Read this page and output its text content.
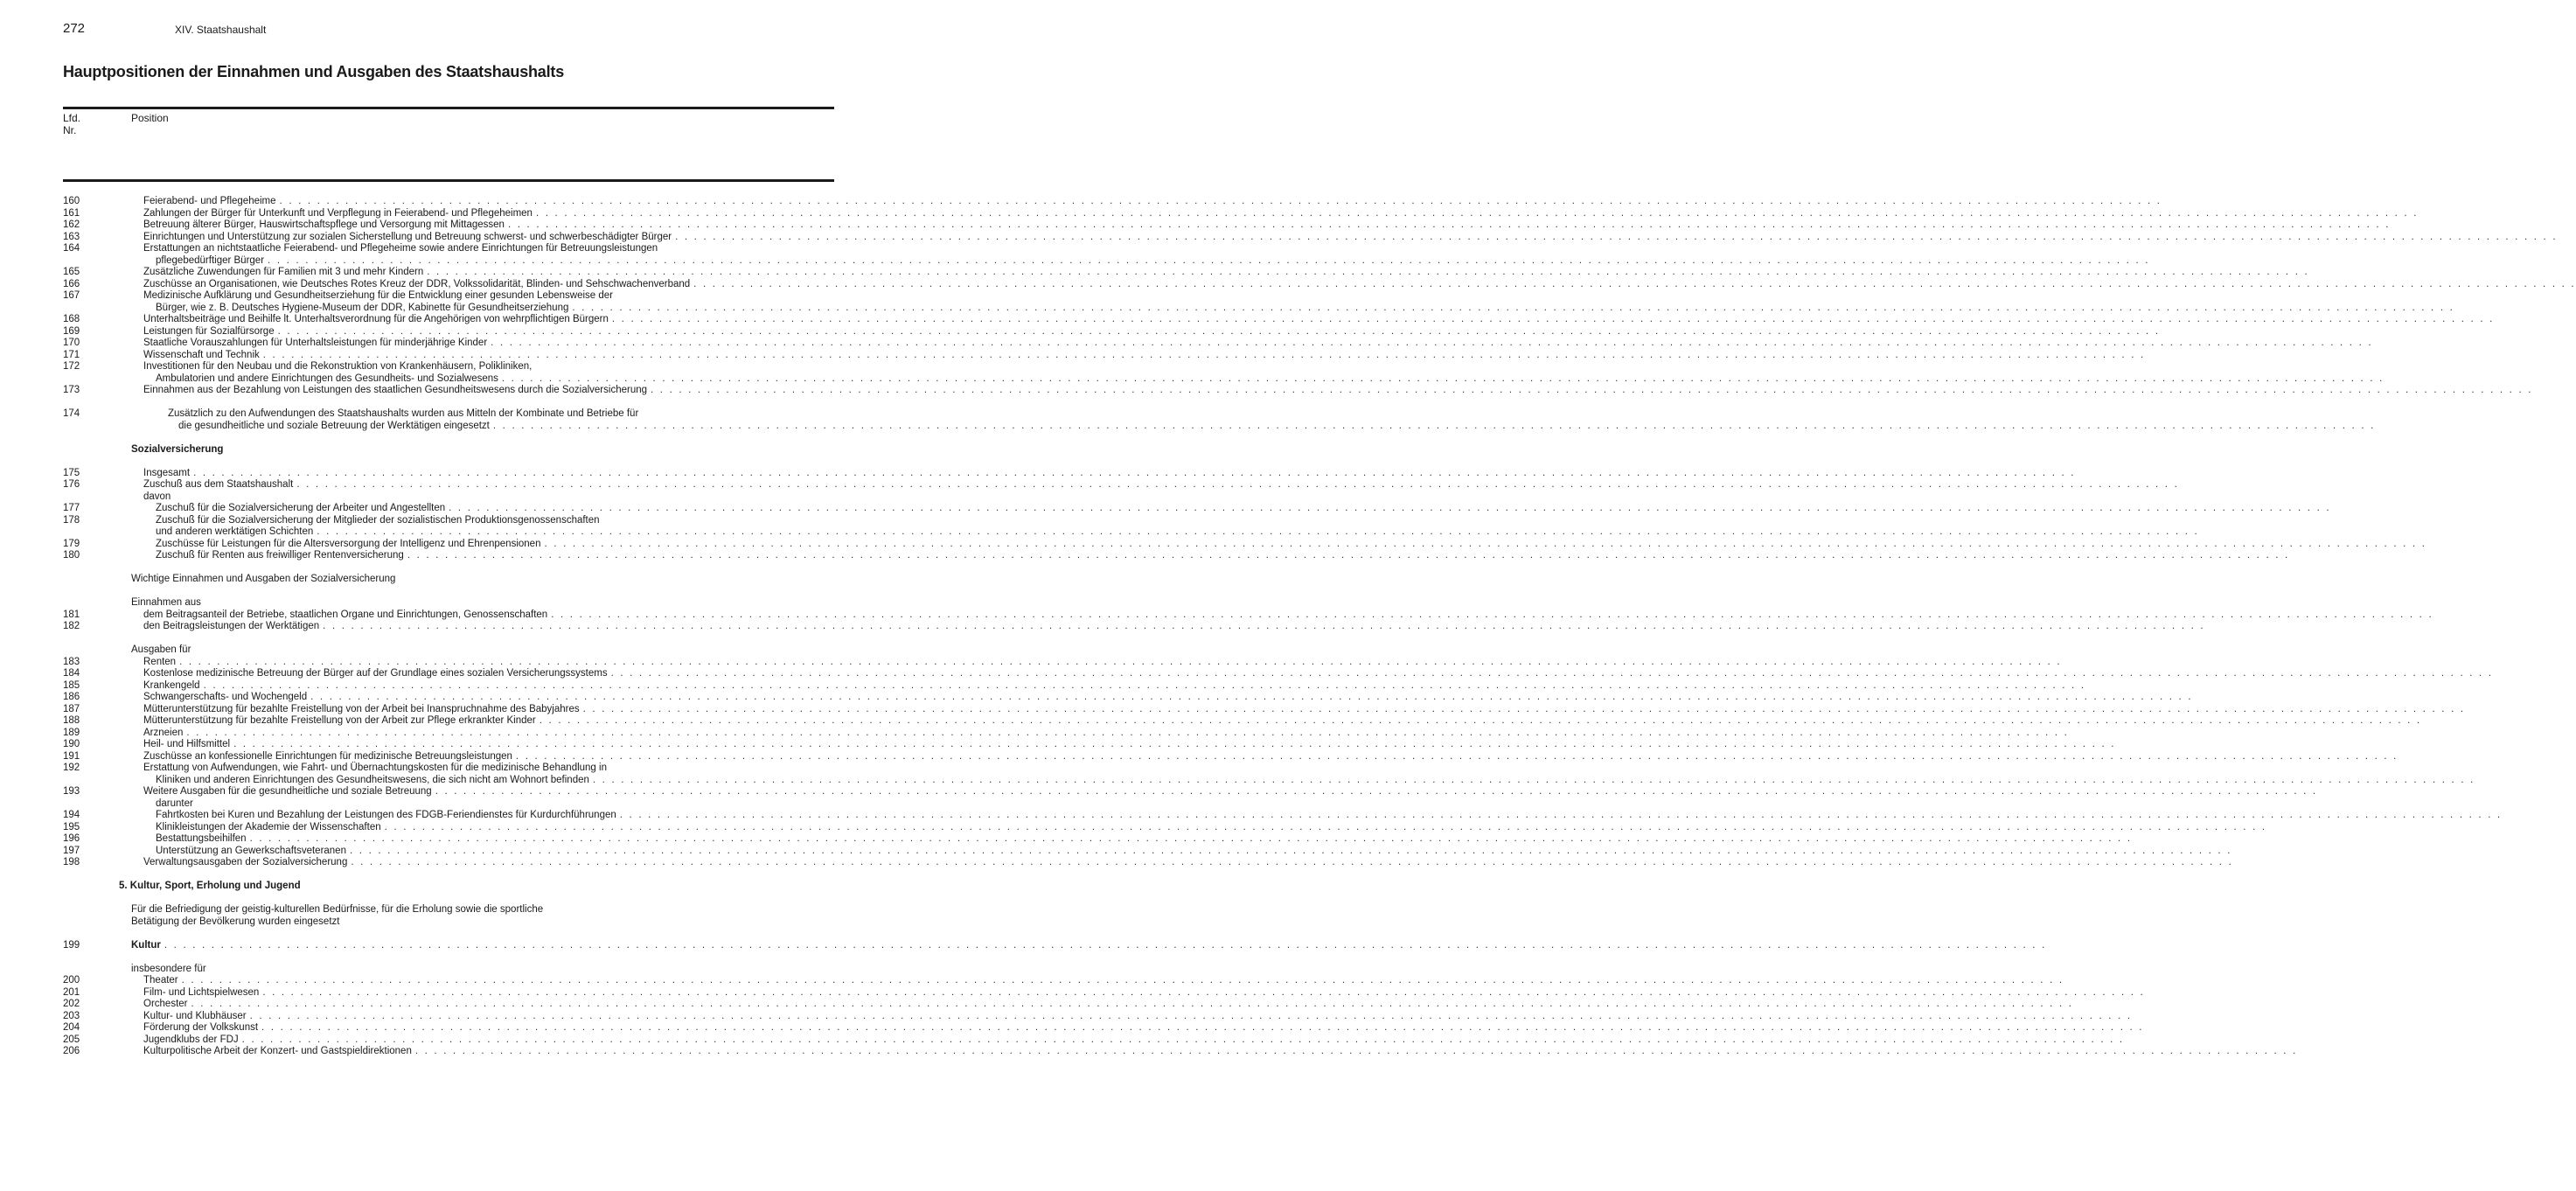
272	XIV. Staatshaushalt
Hauptpositionen der Einnahmen und Ausgaben des Staatshaushalts
Lfd.
Nr.
Position
160	Feierabend- und Pflegeheime . . . . . . . . . . . . . . . . . . . . . . . . . . . . . . . . . . . . . . . . . . . . . . . . . . . . . . . . . . . . . . . . . . . . . . . . . . . . . . . . . . . . . . . . . . . . . . . . . . . . . . . . . . . . . . . . . . . . . . . . . . . . . . . . . . . . . . . . . . . . . . . . . . . . . . . . . . . . . . . . . . . . . . . . . . . . . . . . . . . . . . . . . . . . . . . . . . . . . . . .
161	Zahlungen der Bürger für Unterkunft und Verpflegung in Feierabend- und Pflegeheimen . . . . . . . . . . . . . . . . . . . . . . . . . . . . . . . . . . . . . . . . . . . . . . . . . . . . . . . . . . . . . . . . . . . . . . . . . . . . . . . . . . . . . . . . . . . . . . . . . . . . . . . . . . . . . . . . . . . . . . . . . . . . . . . . . . . . . . . . . . . . . . . . . . . . . . . . . . . . . . . . . . . . . . . . . . . . . . . . . . . . . . . . . . . . . . . . . . . . . . . .
162	Betreuung älterer Bürger, Hauswirtschaftspflege und Versorgung mit Mittagessen . . . . . . . . . . . . . . . . . . . . . . . . . . . . . . . . . . . . . . . . . . . . . . . . . . . . . . . . . . . . . . . . . . . . . . . . . . . . . . . . . . . . . . . . . . . . . . . . . . . . . . . . . . . . . . . . . . . . . . . . . . . . . . . . . . . . . . . . . . . . . . . . . . . . . . . . . . . . . . . . . . . . . . . . . . . . . . . . . . . . . . . . . . . . . . . . . . . . . . . .
163	Einrichtungen und Unterstützung zur sozialen Sicherstellung und Betreuung schwerst- und schwerbeschädigter Bürger . . . . . . . . . . . . . . . . . . . . . . . . . . . . . . . . . . . . . . . . . . . . . . . . . . . . . . . . . . . . . . . . . . . . . . . . . . . . . . . . . . . . . . . . . . . . . . . . . . . . . . . . . . . . . . . . . . . . . . . . . . . . . . . . . . . . . . . . . . . . . . . . . . . . . . . . . . . . . . . . . . . . . . . . . . . . . . . . . . . . . . . . . . . . . . . . . . . . . . . .
164	Erstattungen an nichtstaatliche Feierabend- und Pflegeheime sowie andere Einrichtungen für Betreuungsleistungen
pflegebedürftiger Bürger . . . . . . . . . . . . . . . . . . . . . . . . . . . . . . . . . . . . . . . . . . . . . . . . . . . . . . . . . . . . . . . . . . . . . . . . . . . . . . . . . . . . . . . . . . . . . . . . . . . . . . . . . . . . . . . . . . . . . . . . . . . . . . . . . . . . . . . . . . . . . . . . . . . . . . . . . . . . . . . . . . . . . . . . . . . . . . . . . . . . . . . . . . . . . . . . . . . . . . . .
165	Zusätzliche Zuwendungen für Familien mit 3 und mehr Kindern . . . . . . . . . . . . . . . . . . . . . . . . . . . . . . . . . . . . . . . . . . . . . . . . . . . . . . . . . . . . . . . . . . . . . . . . . . . . . . . . . . . . . . . . . . . . . . . . . . . . . . . . . . . . . . . . . . . . . . . . . . . . . . . . . . . . . . . . . . . . . . . . . . . . . . . . . . . . . . . . . . . . . . . . . . . . . . . . . . . . . . . . . . . . . . . . . . . . . . . .
166	Zuschüsse an Organisationen, wie Deutsches Rotes Kreuz der DDR, Volkssolidarität, Blinden- und Sehschwachenverband . . . . . . . . . . . . . . . . . . . . . . . . . . . . . . . . . . . . . . . . . . . . . . . . . . . . . . . . . . . . . . . . . . . . . . . . . . . . . . . . . . . . . . . . . . . . . . . . . . . . . . . . . . . . . . . . . . . . . . . . . . . . . . . . . . . . . . . . . . . . . . . . . . . . . . . . . . . . . . . . . . . . . . . . . . . . . . . . . . . . . . . . . . . . . . . . . . . . . . . .
167	Medizinische Aufklärung und Gesundheitserziehung für die Entwicklung einer gesunden Lebensweise der
Bürger, wie z. B. Deutsches Hygiene-Museum der DDR, Kabinette für Gesundheitserziehung . . . . . . . . . . . . . . . . . . . . . . . . . . . . . . . . . . . . . . . . . . . . . . . . . . . . . . . . . . . . . . . . . . . . . . . . . . . . . . . . . . . . . . . . . . . . . . . . . . . . . . . . . . . . . . . . . . . . . . . . . . . . . . . . . . . . . . . . . . . . . . . . . . . . . . . . . . . . . . . . . . . . . . . . . . . . . . . . . . . . . . . . . . . . . . . . . . . . . . . .
168	Unterhaltsbeiträge und Beihilfe lt. Unterhaltsverordnung für die Angehörigen von wehrpflichtigen Bürgern . . . . . . . . . . . . . . . . . . . . . . . . . . . . . . . . . . . . . . . . . . . . . . . . . . . . . . . . . . . . . . . . . . . . . . . . . . . . . . . . . . . . . . . . . . . . . . . . . . . . . . . . . . . . . . . . . . . . . . . . . . . . . . . . . . . . . . . . . . . . . . . . . . . . . . . . . . . . . . . . . . . . . . . . . . . . . . . . . . . . . . . . . . . . . . . . . . . . . . . .
169	Leistungen für Sozialfürsorge . . . . . . . . . . . . . . . . . . . . . . . . . . . . . . . . . . . . . . . . . . . . . . . . . . . . . . . . . . . . . . . . . . . . . . . . . . . . . . . . . . . . . . . . . . . . . . . . . . . . . . . . . . . . . . . . . . . . . . . . . . . . . . . . . . . . . . . . . . . . . . . . . . . . . . . . . . . . . . . . . . . . . . . . . . . . . . . . . . . . . . . . . . . . . . . . . . . . . . . .
170	Staatliche Vorauszahlungen für Unterhaltsleistungen für minderjährige Kinder . . . . . . . . . . . . . . . . . . . . . . . . . . . . . . . . . . . . . . . . . . . . . . . . . . . . . . . . . . . . . . . . . . . . . . . . . . . . . . . . . . . . . . . . . . . . . . . . . . . . . . . . . . . . . . . . . . . . . . . . . . . . . . . . . . . . . . . . . . . . . . . . . . . . . . . . . . . . . . . . . . . . . . . . . . . . . . . . . . . . . . . . . . . . . . . . . . . . . . . .
171	Wissenschaft und Technik . . . . . . . . . . . . . . . . . . . . . . . . . . . . . . . . . . . . . . . . . . . . . . . . . . . . . . . . . . . . . . . . . . . . . . . . . . . . . . . . . . . . . . . . . . . . . . . . . . . . . . . . . . . . . . . . . . . . . . . . . . . . . . . . . . . . . . . . . . . . . . . . . . . . . . . . . . . . . . . . . . . . . . . . . . . . . . . . . . . . . . . . . . . . . . . . . . . . . . . .
172	Investitionen für den Neubau und die Rekonstruktion von Krankenhäusern, Polikliniken,
Ambulatorien und andere Einrichtungen des Gesundheits- und Sozialwesens . . . . . . . . . . . . . . . . . . . . . . . . . . . . . . . . . . . . . . . . . . . . . . . . . . . . . . . . . . . . . . . . . . . . . . . . . . . . . . . . . . . . . . . . . . . . . . . . . . . . . . . . . . . . . . . . . . . . . . . . . . . . . . . . . . . . . . . . . . . . . . . . . . . . . . . . . . . . . . . . . . . . . . . . . . . . . . . . . . . . . . . . . . . . . . . . . . . . . . . .
173	Einnahmen aus der Bezahlung von Leistungen des staatlichen Gesundheitswesens durch die Sozialversicherung . . . . . . . . . . . . . . . . . . . . . . . . . . . . . . . . . . . . . . . . . . . . . . . . . . . . . . . . . . . . . . . . . . . . . . . . . . . . . . . . . . . . . . . . . . . . . . . . . . . . . . . . . . . . . . . . . . . . . . . . . . . . . . . . . . . . . . . . . . . . . . . . . . . . . . . . . . . . . . . . . . . . . . . . . . . . . . . . . . . . . . . . . . . . . . . . . . . . . . . .
174	Zusätzlich zu den Aufwendungen des Staatshaushalts wurden aus Mitteln der Kombinate und Betriebe für
die gesundheitliche und soziale Betreuung der Werktätigen eingesetzt . . . . . . . . . . . . . . . . . . . . . . . . . . . . . . . . . . . . . . . . . . . . . . . . . . . . . . . . . . . . . . . . . . . . . . . . . . . . . . . . . . . . . . . . . . . . . . . . . . . . . . . . . . . . . . . . . . . . . . . . . . . . . . . . . . . . . . . . . . . . . . . . . . . . . . . . . . . . . . . . . . . . . . . . . . . . . . . . . . . . . . . . . . . . . . . . . . . . . . . .
Sozialversicherung
175	Insgesamt . . . . . . . . . . . . . . . . . . . . . . . . . . . . . . . . . . . . . . . . . . . . . . . . . . . . . . . . . . . . . . . . . . . . . . . . . . . . . . . . . . . . . . . . . . . . . . . . . . . . . . . . . . . . . . . . . . . . . . . . . . . . . . . . . . . . . . . . . . . . . . . . . . . . . . . . . . . . . . . . . . . . . . . . . . . . . . . . . . . . . . . . . . . . . . . . . . . . . . . .
176	Zuschuß aus dem Staatshaushalt . . . . . . . . . . . . . . . . . . . . . . . . . . . . . . . . . . . . . . . . . . . . . . . . . . . . . . . . . . . . . . . . . . . . . . . . . . . . . . . . . . . . . . . . . . . . . . . . . . . . . . . . . . . . . . . . . . . . . . . . . . . . . . . . . . . . . . . . . . . . . . . . . . . . . . . . . . . . . . . . . . . . . . . . . . . . . . . . . . . . . . . . . . . . . . . . . . . . . . . .
davon
177	Zuschuß für die Sozialversicherung der Arbeiter und Angestellten . . . . . . . . . . . . . . . . . . . . . . . . . . . . . . . . . . . . . . . . . . . . . . . . . . . . . . . . . . . . . . . . . . . . . . . . . . . . . . . . . . . . . . . . . . . . . . . . . . . . . . . . . . . . . . . . . . . . . . . . . . . . . . . . . . . . . . . . . . . . . . . . . . . . . . . . . . . . . . . . . . . . . . . . . . . . . . . . . . . . . . . . . . . . . . . . . . . . . . . .
178	Zuschuß für die Sozialversicherung der Mitglieder der sozialistischen Produktionsgenossenschaften
und anderen werktätigen Schichten . . . . . . . . . . . . . . . . . . . . . . . . . . . . . . . . . . . . . . . . . . . . . . . . . . . . . . . . . . . . . . . . . . . . . . . . . . . . . . . . . . . . . . . . . . . . . . . . . . . . . . . . . . . . . . . . . . . . . . . . . . . . . . . . . . . . . . . . . . . . . . . . . . . . . . . . . . . . . . . . . . . . . . . . . . . . . . . . . . . . . . . . . . . . . . . . . . . . . . . .
179	Zuschüsse für Leistungen für die Altersversorgung der Intelligenz und Ehrenpensionen . . . . . . . . . . . . . . . . . . . . . . . . . . . . . . . . . . . . . . . . . . . . . . . . . . . . . . . . . . . . . . . . . . . . . . . . . . . . . . . . . . . . . . . . . . . . . . . . . . . . . . . . . . . . . . . . . . . . . . . . . . . . . . . . . . . . . . . . . . . . . . . . . . . . . . . . . . . . . . . . . . . . . . . . . . . . . . . . . . . . . . . . . . . . . . . . . . . . . . . .
180	Zuschuß für Renten aus freiwilliger Rentenversicherung . . . . . . . . . . . . . . . . . . . . . . . . . . . . . . . . . . . . . . . . . . . . . . . . . . . . . . . . . . . . . . . . . . . . . . . . . . . . . . . . . . . . . . . . . . . . . . . . . . . . . . . . . . . . . . . . . . . . . . . . . . . . . . . . . . . . . . . . . . . . . . . . . . . . . . . . . . . . . . . . . . . . . . . . . . . . . . . . . . . . . . . . . . . . . . . . . . . . . . . .
Wichtige Einnahmen und Ausgaben der Sozialversicherung
Einnahmen aus
181	dem Beitragsanteil der Betriebe, staatlichen Organe und Einrichtungen, Genossenschaften . . . . . . . . . . . . . . . . . . . . . . . . . . . . . . . . . . . . . . . . . . . . . . . . . . . . . . . . . . . . . . . . . . . . . . . . . . . . . . . . . . . . . . . . . . . . . . . . . . . . . . . . . . . . . . . . . . . . . . . . . . . . . . . . . . . . . . . . . . . . . . . . . . . . . . . . . . . . . . . . . . . . . . . . . . . . . . . . . . . . . . . . . . . . . . . . . . . . . . . .
182	den Beitragsleistungen der Werktätigen . . . . . . . . . . . . . . . . . . . . . . . . . . . . . . . . . . . . . . . . . . . . . . . . . . . . . . . . . . . . . . . . . . . . . . . . . . . . . . . . . . . . . . . . . . . . . . . . . . . . . . . . . . . . . . . . . . . . . . . . . . . . . . . . . . . . . . . . . . . . . . . . . . . . . . . . . . . . . . . . . . . . . . . . . . . . . . . . . . . . . . . . . . . . . . . . . . . . . . . .
Ausgaben für
183	Renten . . . . . . . . . . . . . . . . . . . . . . . . . . . . . . . . . . . . . . . . . . . . . . . . . . . . . . . . . . . . . . . . . . . . . . . . . . . . . . . . . . . . . . . . . . . . . . . . . . . . . . . . . . . . . . . . . . . . . . . . . . . . . . . . . . . . . . . . . . . . . . . . . . . . . . . . . . . . . . . . . . . . . . . . . . . . . . . . . . . . . . . . . . . . . . . . . . . . . . . .
184	Kostenlose medizinische Betreuung der Bürger auf der Grundlage eines sozialen Versicherungssystems . . . . . . . . . . . . . . . . . . . . . . . . . . . . . . . . . . . . . . . . . . . . . . . . . . . . . . . . . . . . . . . . . . . . . . . . . . . . . . . . . . . . . . . . . . . . . . . . . . . . . . . . . . . . . . . . . . . . . . . . . . . . . . . . . . . . . . . . . . . . . . . . . . . . . . . . . . . . . . . . . . . . . . . . . . . . . . . . . . . . . . . . . . . . . . . . . . . . . . . .
185	Krankengeld . . . . . . . . . . . . . . . . . . . . . . . . . . . . . . . . . . . . . . . . . . . . . . . . . . . . . . . . . . . . . . . . . . . . . . . . . . . . . . . . . . . . . . . . . . . . . . . . . . . . . . . . . . . . . . . . . . . . . . . . . . . . . . . . . . . . . . . . . . . . . . . . . . . . . . . . . . . . . . . . . . . . . . . . . . . . . . . . . . . . . . . . . . . . . . . . . . . . . . . .
186	Schwangerschafts- und Wochengeld . . . . . . . . . . . . . . . . . . . . . . . . . . . . . . . . . . . . . . . . . . . . . . . . . . . . . . . . . . . . . . . . . . . . . . . . . . . . . . . . . . . . . . . . . . . . . . . . . . . . . . . . . . . . . . . . . . . . . . . . . . . . . . . . . . . . . . . . . . . . . . . . . . . . . . . . . . . . . . . . . . . . . . . . . . . . . . . . . . . . . . . . . . . . . . . . . . . . . . . .
187	Mütterunterstützung für bezahlte Freistellung von der Arbeit bei Inanspruchnahme des Babyjahres . . . . . . . . . . . . . . . . . . . . . . . . . . . . . . . . . . . . . . . . . . . . . . . . . . . . . . . . . . . . . . . . . . . . . . . . . . . . . . . . . . . . . . . . . . . . . . . . . . . . . . . . . . . . . . . . . . . . . . . . . . . . . . . . . . . . . . . . . . . . . . . . . . . . . . . . . . . . . . . . . . . . . . . . . . . . . . . . . . . . . . . . . . . . . . . . . . . . . . . .
188	Mütterunterstützung für bezahlte Freistellung von der Arbeit zur Pflege erkrankter Kinder . . . . . . . . . . . . . . . . . . . . . . . . . . . . . . . . . . . . . . . . . . . . . . . . . . . . . . . . . . . . . . . . . . . . . . . . . . . . . . . . . . . . . . . . . . . . . . . . . . . . . . . . . . . . . . . . . . . . . . . . . . . . . . . . . . . . . . . . . . . . . . . . . . . . . . . . . . . . . . . . . . . . . . . . . . . . . . . . . . . . . . . . . . . . . . . . . . . . . . . .
189	Arzneien . . . . . . . . . . . . . . . . . . . . . . . . . . . . . . . . . . . . . . . . . . . . . . . . . . . . . . . . . . . . . . . . . . . . . . . . . . . . . . . . . . . . . . . . . . . . . . . . . . . . . . . . . . . . . . . . . . . . . . . . . . . . . . . . . . . . . . . . . . . . . . . . . . . . . . . . . . . . . . . . . . . . . . . . . . . . . . . . . . . . . . . . . . . . . . . . . . . . . . . .
190	Heil- und Hilfsmittel . . . . . . . . . . . . . . . . . . . . . . . . . . . . . . . . . . . . . . . . . . . . . . . . . . . . . . . . . . . . . . . . . . . . . . . . . . . . . . . . . . . . . . . . . . . . . . . . . . . . . . . . . . . . . . . . . . . . . . . . . . . . . . . . . . . . . . . . . . . . . . . . . . . . . . . . . . . . . . . . . . . . . . . . . . . . . . . . . . . . . . . . . . . . . . . . . . . . . . . .
191	Zuschüsse an konfessionelle Einrichtungen für medizinische Betreuungsleistungen . . . . . . . . . . . . . . . . . . . . . . . . . . . . . . . . . . . . . . . . . . . . . . . . . . . . . . . . . . . . . . . . . . . . . . . . . . . . . . . . . . . . . . . . . . . . . . . . . . . . . . . . . . . . . . . . . . . . . . . . . . . . . . . . . . . . . . . . . . . . . . . . . . . . . . . . . . . . . . . . . . . . . . . . . . . . . . . . . . . . . . . . . . . . . . . . . . . . . . . .
192	Erstattung von Aufwendungen, wie Fahrt- und Übernachtungskosten für die medizinische Behandlung in
Kliniken und anderen Einrichtungen des Gesundheitswesens, die sich nicht am Wohnort befinden . . . . . . . . . . . . . . . . . . . . . . . . . . . . . . . . . . . . . . . . . . . . . . . . . . . . . . . . . . . . . . . . . . . . . . . . . . . . . . . . . . . . . . . . . . . . . . . . . . . . . . . . . . . . . . . . . . . . . . . . . . . . . . . . . . . . . . . . . . . . . . . . . . . . . . . . . . . . . . . . . . . . . . . . . . . . . . . . . . . . . . . . . . . . . . . . . . . . . . . .
193	Weitere Ausgaben für die gesundheitliche und soziale Betreuung . . . . . . . . . . . . . . . . . . . . . . . . . . . . . . . . . . . . . . . . . . . . . . . . . . . . . . . . . . . . . . . . . . . . . . . . . . . . . . . . . . . . . . . . . . . . . . . . . . . . . . . . . . . . . . . . . . . . . . . . . . . . . . . . . . . . . . . . . . . . . . . . . . . . . . . . . . . . . . . . . . . . . . . . . . . . . . . . . . . . . . . . . . . . . . . . . . . . . . . .
darunter
194	Fahrtkosten bei Kuren und Bezahlung der Leistungen des FDGB-Feriendienstes für Kurdurchführungen . . . . . . . . . . . . . . . . . . . . . . . . . . . . . . . . . . . . . . . . . . . . . . . . . . . . . . . . . . . . . . . . . . . . . . . . . . . . . . . . . . . . . . . . . . . . . . . . . . . . . . . . . . . . . . . . . . . . . . . . . . . . . . . . . . . . . . . . . . . . . . . . . . . . . . . . . . . . . . . . . . . . . . . . . . . . . . . . . . . . . . . . . . . . . . . . . . . . . . . .
195	Klinikleistungen der Akademie der Wissenschaften . . . . . . . . . . . . . . . . . . . . . . . . . . . . . . . . . . . . . . . . . . . . . . . . . . . . . . . . . . . . . . . . . . . . . . . . . . . . . . . . . . . . . . . . . . . . . . . . . . . . . . . . . . . . . . . . . . . . . . . . . . . . . . . . . . . . . . . . . . . . . . . . . . . . . . . . . . . . . . . . . . . . . . . . . . . . . . . . . . . . . . . . . . . . . . . . . . . . . . . .
196	Bestattungsbeihilfen . . . . . . . . . . . . . . . . . . . . . . . . . . . . . . . . . . . . . . . . . . . . . . . . . . . . . . . . . . . . . . . . . . . . . . . . . . . . . . . . . . . . . . . . . . . . . . . . . . . . . . . . . . . . . . . . . . . . . . . . . . . . . . . . . . . . . . . . . . . . . . . . . . . . . . . . . . . . . . . . . . . . . . . . . . . . . . . . . . . . . . . . . . . . . . . . . . . . . . . .
197	Unterstützung an Gewerkschaftsveteranen . . . . . . . . . . . . . . . . . . . . . . . . . . . . . . . . . . . . . . . . . . . . . . . . . . . . . . . . . . . . . . . . . . . . . . . . . . . . . . . . . . . . . . . . . . . . . . . . . . . . . . . . . . . . . . . . . . . . . . . . . . . . . . . . . . . . . . . . . . . . . . . . . . . . . . . . . . . . . . . . . . . . . . . . . . . . . . . . . . . . . . . . . . . . . . . . . . . . . . . .
198	Verwaltungsausgaben der Sozialversicherung . . . . . . . . . . . . . . . . . . . . . . . . . . . . . . . . . . . . . . . . . . . . . . . . . . . . . . . . . . . . . . . . . . . . . . . . . . . . . . . . . . . . . . . . . . . . . . . . . . . . . . . . . . . . . . . . . . . . . . . . . . . . . . . . . . . . . . . . . . . . . . . . . . . . . . . . . . . . . . . . . . . . . . . . . . . . . . . . . . . . . . . . . . . . . . . . . . . . . . . .
5. Kultur, Sport, Erholung und Jugend
Für die Befriedigung der geistig-kulturellen Bedürfnisse, für die Erholung sowie die sportliche
Betätigung der Bevölkerung wurden eingesetzt
199	Kultur . . . . . . . . . . . . . . . . . . . . . . . . . . . . . . . . . . . . . . . . . . . . . . . . . . . . . . . . . . . . . . . . . . . . . . . . . . . . . . . . . . . . . . . . . . . . . . . . . . . . . . . . . . . . . . . . . . . . . . . . . . . . . . . . . . . . . . . . . . . . . . . . . . . . . . . . . . . . . . . . . . . . . . . . . . . . . . . . . . . . . . . . . . . . . . . . . . . . . . . .
insbesondere für
200	Theater . . . . . . . . . . . . . . . . . . . . . . . . . . . . . . . . . . . . . . . . . . . . . . . . . . . . . . . . . . . . . . . . . . . . . . . . . . . . . . . . . . . . . . . . . . . . . . . . . . . . . . . . . . . . . . . . . . . . . . . . . . . . . . . . . . . . . . . . . . . . . . . . . . . . . . . . . . . . . . . . . . . . . . . . . . . . . . . . . . . . . . . . . . . . . . . . . . . . . . . .
201	Film- und Lichtspielwesen . . . . . . . . . . . . . . . . . . . . . . . . . . . . . . . . . . . . . . . . . . . . . . . . . . . . . . . . . . . . . . . . . . . . . . . . . . . . . . . . . . . . . . . . . . . . . . . . . . . . . . . . . . . . . . . . . . . . . . . . . . . . . . . . . . . . . . . . . . . . . . . . . . . . . . . . . . . . . . . . . . . . . . . . . . . . . . . . . . . . . . . . . . . . . . . . . . . . . . . .
202	Orchester . . . . . . . . . . . . . . . . . . . . . . . . . . . . . . . . . . . . . . . . . . . . . . . . . . . . . . . . . . . . . . . . . . . . . . . . . . . . . . . . . . . . . . . . . . . . . . . . . . . . . . . . . . . . . . . . . . . . . . . . . . . . . . . . . . . . . . . . . . . . . . . . . . . . . . . . . . . . . . . . . . . . . . . . . . . . . . . . . . . . . . . . . . . . . . . . . . . . . . . .
203	Kultur- und Klubhäuser . . . . . . . . . . . . . . . . . . . . . . . . . . . . . . . . . . . . . . . . . . . . . . . . . . . . . . . . . . . . . . . . . . . . . . . . . . . . . . . . . . . . . . . . . . . . . . . . . . . . . . . . . . . . . . . . . . . . . . . . . . . . . . . . . . . . . . . . . . . . . . . . . . . . . . . . . . . . . . . . . . . . . . . . . . . . . . . . . . . . . . . . . . . . . . . . . . . . . . . .
204	Förderung der Volkskunst . . . . . . . . . . . . . . . . . . . . . . . . . . . . . . . . . . . . . . . . . . . . . . . . . . . . . . . . . . . . . . . . . . . . . . . . . . . . . . . . . . . . . . . . . . . . . . . . . . . . . . . . . . . . . . . . . . . . . . . . . . . . . . . . . . . . . . . . . . . . . . . . . . . . . . . . . . . . . . . . . . . . . . . . . . . . . . . . . . . . . . . . . . . . . . . . . . . . . . . .
205	Jugendklubs der FDJ . . . . . . . . . . . . . . . . . . . . . . . . . . . . . . . . . . . . . . . . . . . . . . . . . . . . . . . . . . . . . . . . . . . . . . . . . . . . . . . . . . . . . . . . . . . . . . . . . . . . . . . . . . . . . . . . . . . . . . . . . . . . . . . . . . . . . . . . . . . . . . . . . . . . . . . . . . . . . . . . . . . . . . . . . . . . . . . . . . . . . . . . . . . . . . . . . . . . . . . .
206	Kulturpolitische Arbeit der Konzert- und Gastspieldirektionen . . . . . . . . . . . . . . . . . . . . . . . . . . . . . . . . . . . . . . . . . . . . . . . . . . . . . . . . . . . . . . . . . . . . . . . . . . . . . . . . . . . . . . . . . . . . . . . . . . . . . . . . . . . . . . . . . . . . . . . . . . . . . . . . . . . . . . . . . . . . . . . . . . . . . . . . . . . . . . . . . . . . . . . . . . . . . . . . . . . . . . . . . . . . . . . . . . . . . . . .
